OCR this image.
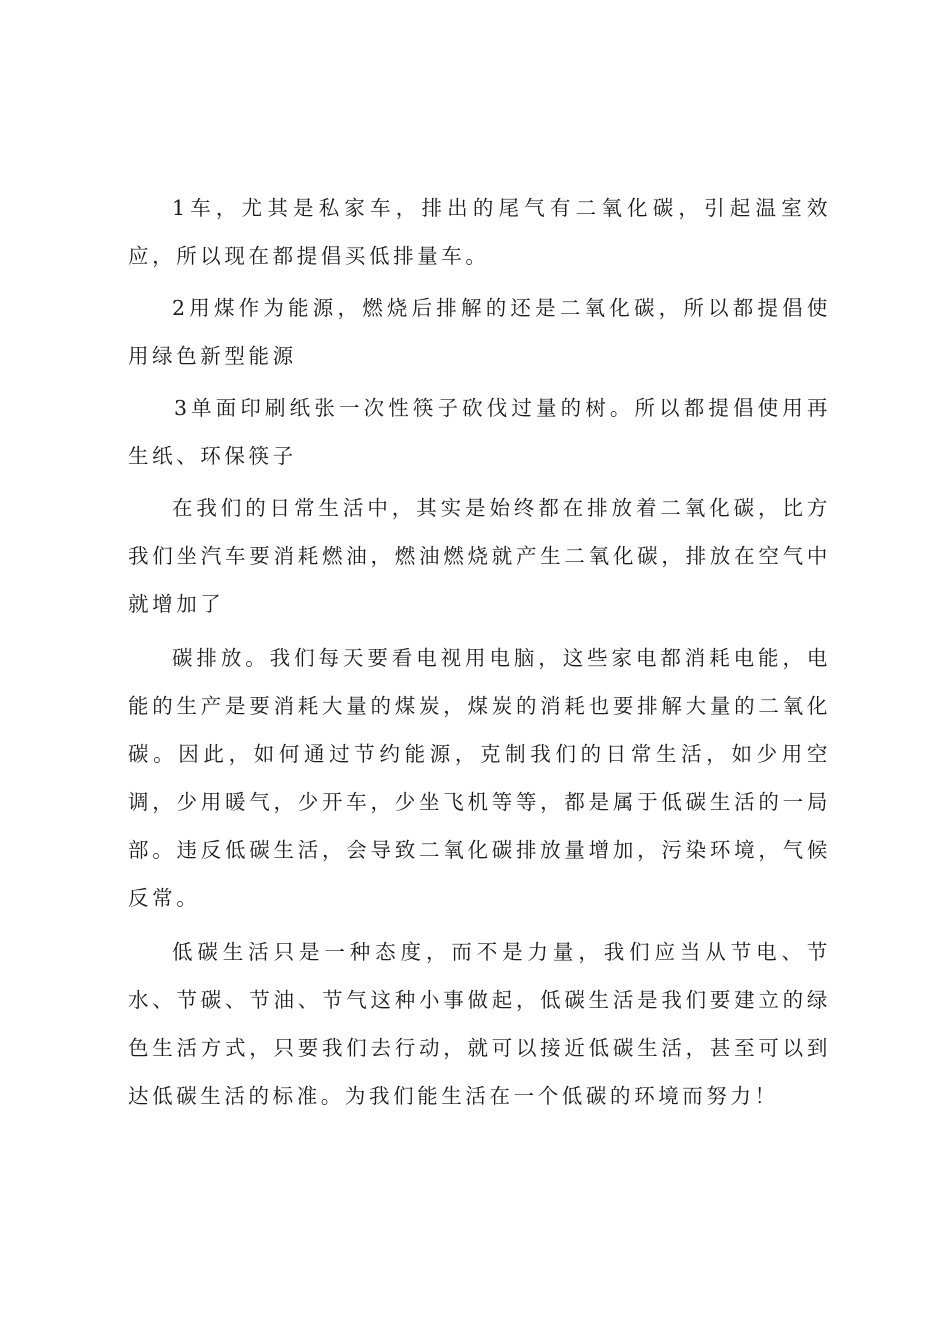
1车，尤其是私家车，排出的尾气有二氧化碳，引起温室效应，所以现在都提倡买低排量车。

2用煤作为能源，燃烧后排解的还是二氧化碳，所以都提倡使用绿色新型能源

3单面印刷纸张一次性筷子砍伐过量的树。所以都提倡使用再生纸、环保筷子

在我们的日常生活中，其实是始终都在排放着二氧化碳，比方我们坐汽车要消耗燃油，燃油燃烧就产生二氧化碳，排放在空气中就增加了

碳排放。我们每天要看电视用电脑，这些家电都消耗电能，电能的生产是要消耗大量的煤炭，煤炭的消耗也要排解大量的二氧化碳。因此，如何通过节约能源，克制我们的日常生活，如少用空调，少用暖气，少开车，少坐飞机等等，都是属于低碳生活的一局部。违反低碳生活，会导致二氧化碳排放量增加，污染环境，气候反常。

低碳生活只是一种态度，而不是力量，我们应当从节电、节水、节碳、节油、节气这种小事做起，低碳生活是我们要建立的绿色生活方式，只要我们去行动，就可以接近低碳生活，甚至可以到达低碳生活的标准。为我们能生活在一个低碳的环境而努力！
